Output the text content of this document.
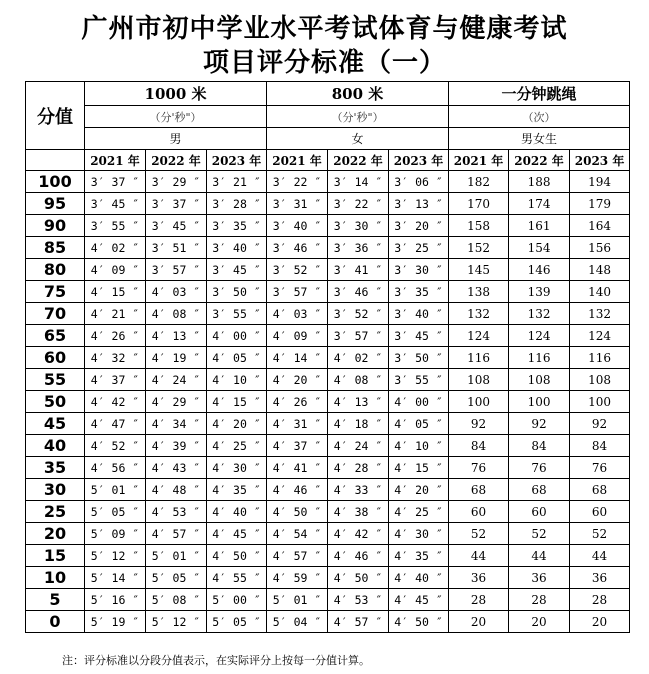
广州市初中学业水平考试体育与健康考试
项目评分标准（一）
分值	1000 米			800 米			一分钟跳绳		
	（分'秒"）			（分'秒"）			（次）		
	男			女			男女生		
	2021 年	2022 年	2023 年	2021 年	2022 年	2023 年	2021 年	2022 年	2023 年
100	3′ 37 ″	3′ 29 ″	3′ 21 ″	3′ 22 ″	3′ 14 ″	3′ 06 ″	182	188	194
95	3′ 45 ″	3′ 37 ″	3′ 28 ″	3′ 31 ″	3′ 22 ″	3′ 13 ″	170	174	179
90	3′ 55 ″	3′ 45 ″	3′ 35 ″	3′ 40 ″	3′ 30 ″	3′ 20 ″	158	161	164
85	4′ 02 ″	3′ 51 ″	3′ 40 ″	3′ 46 ″	3′ 36 ″	3′ 25 ″	152	154	156
80	4′ 09 ″	3′ 57 ″	3′ 45 ″	3′ 52 ″	3′ 41 ″	3′ 30 ″	145	146	148
75	4′ 15 ″	4′ 03 ″	3′ 50 ″	3′ 57 ″	3′ 46 ″	3′ 35 ″	138	139	140
70	4′ 21 ″	4′ 08 ″	3′ 55 ″	4′ 03 ″	3′ 52 ″	3′ 40 ″	132	132	132
65	4′ 26 ″	4′ 13 ″	4′ 00 ″	4′ 09 ″	3′ 57 ″	3′ 45 ″	124	124	124
60	4′ 32 ″	4′ 19 ″	4′ 05 ″	4′ 14 ″	4′ 02 ″	3′ 50 ″	116	116	116
55	4′ 37 ″	4′ 24 ″	4′ 10 ″	4′ 20 ″	4′ 08 ″	3′ 55 ″	108	108	108
50	4′ 42 ″	4′ 29 ″	4′ 15 ″	4′ 26 ″	4′ 13 ″	4′ 00 ″	100	100	100
45	4′ 47 ″	4′ 34 ″	4′ 20 ″	4′ 31 ″	4′ 18 ″	4′ 05 ″	92	92	92
40	4′ 52 ″	4′ 39 ″	4′ 25 ″	4′ 37 ″	4′ 24 ″	4′ 10 ″	84	84	84
35	4′ 56 ″	4′ 43 ″	4′ 30 ″	4′ 41 ″	4′ 28 ″	4′ 15 ″	76	76	76
30	5′ 01 ″	4′ 48 ″	4′ 35 ″	4′ 46 ″	4′ 33 ″	4′ 20 ″	68	68	68
25	5′ 05 ″	4′ 53 ″	4′ 40 ″	4′ 50 ″	4′ 38 ″	4′ 25 ″	60	60	60
20	5′ 09 ″	4′ 57 ″	4′ 45 ″	4′ 54 ″	4′ 42 ″	4′ 30 ″	52	52	52
15	5′ 12 ″	5′ 01 ″	4′ 50 ″	4′ 57 ″	4′ 46 ″	4′ 35 ″	44	44	44
10	5′ 14 ″	5′ 05 ″	4′ 55 ″	4′ 59 ″	4′ 50 ″	4′ 40 ″	36	36	36
5	5′ 16 ″	5′ 08 ″	5′ 00 ″	5′ 01 ″	4′ 53 ″	4′ 45 ″	28	28	28
0	5′ 19 ″	5′ 12 ″	5′ 05 ″	5′ 04 ″	4′ 57 ″	4′ 50 ″	20	20	20
注：评分标准以分段分值表示，在实际评分上按每一分值计算。
